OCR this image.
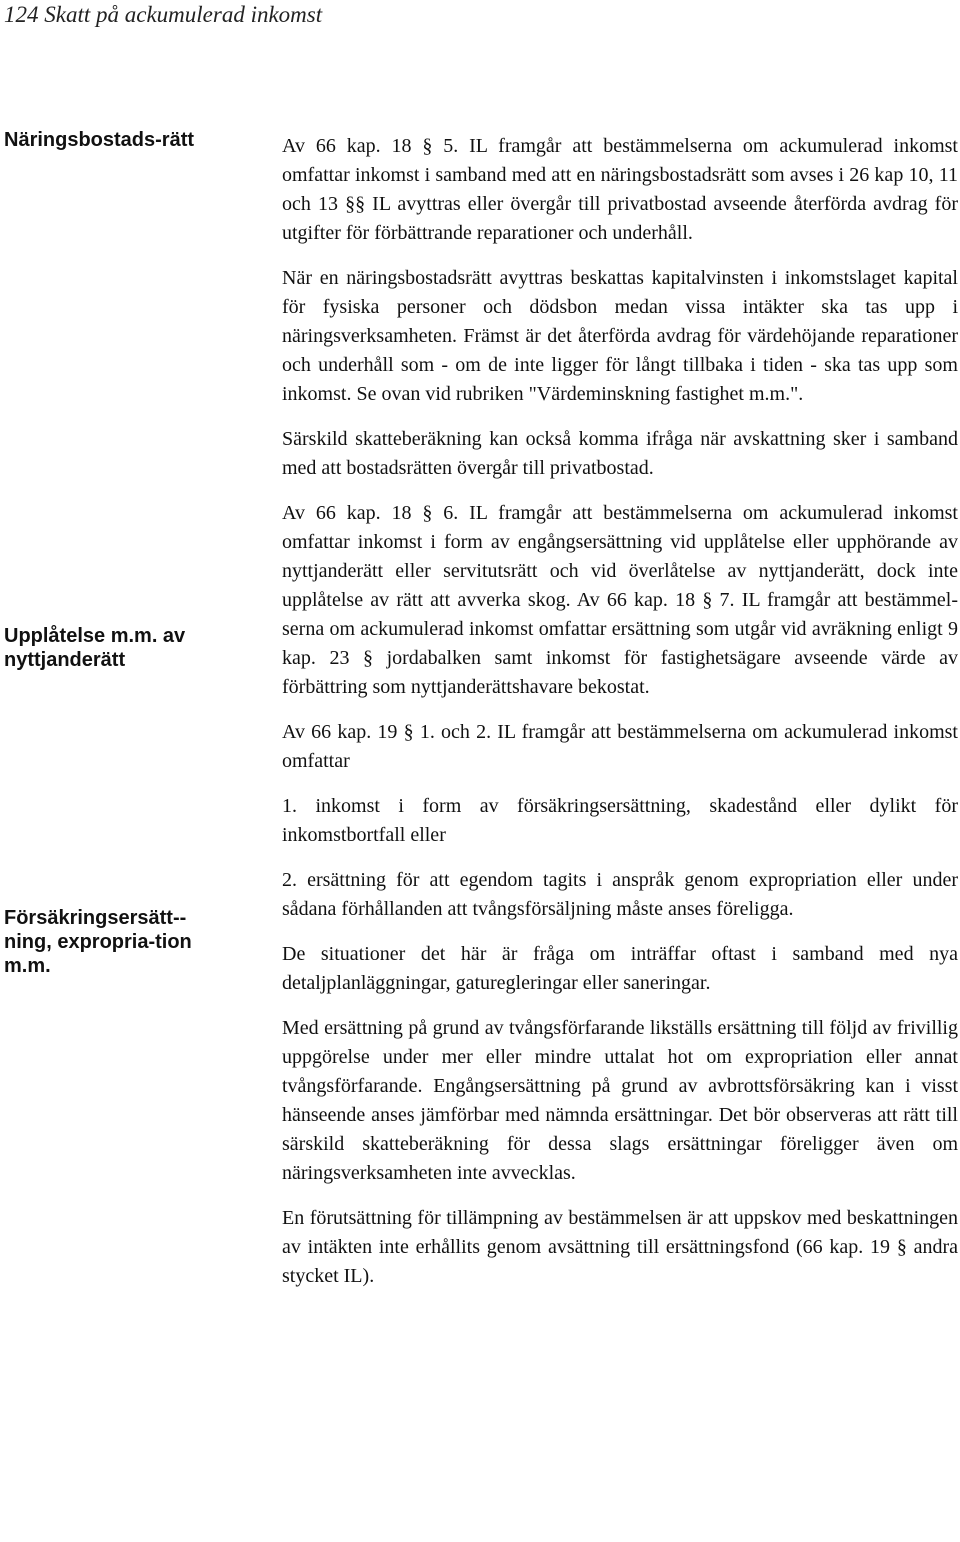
124 Skatt på ackumulerad inkomst
Näringsbostads-rätt
Upplåtelse m.m. av nyttjanderätt
Försäkringsersätt-ning, expropria-tion m.m.

Av 66 kap. 18 § 5. IL framgår att bestämmelserna om ackumulerad inkomst omfattar inkomst i samband med att en näringsbostadsrätt som avses i 26 kap 10, 11 och 13 §§ IL avyttras eller övergår till privatbostad avseende återförda avdrag för utgifter för förbättrande reparationer och underhåll.

När en näringsbostadsrätt avyttras beskattas kapitalvinsten i inkomstslaget kapital för fysiska personer och dödsbon medan vissa intäkter ska tas upp i näringsverksamheten. Främst är det återförda avdrag för värdehöjande reparationer och underhåll som - om de inte ligger för långt tillbaka i tiden - ska tas upp som inkomst. Se ovan vid rubriken "Värdeminskning fastighet m.m.".

Särskild skatteberäkning kan också komma ifråga när avskattning sker i samband med att bostadsrätten övergår till privatbostad.

Av 66 kap. 18 § 6. IL framgår att bestämmelserna om ackumulerad inkomst omfattar inkomst i form av engångsersättning vid upplåtelse eller upphörande av nyttjanderätt eller servitutsrätt och vid överlåtelse av nyttjanderätt, dock inte upplåtelse av rätt att avverka skog. Av 66 kap. 18 § 7. IL framgår att bestämmelserna om ackumulerad inkomst omfattar ersättning som utgår vid avräkning enligt 9 kap. 23 § jordabalken samt inkomst för fastighetsägare avseende värde av förbättring som nyttjanderättshavare bekostat.

Av 66 kap. 19 § 1. och 2. IL framgår att bestämmelserna om ackumulerad inkomst omfattar

1. inkomst i form av försäkringsersättning, skadestånd eller dylikt för inkomstbortfall eller

2. ersättning för att egendom tagits i anspråk genom expropriation eller under sådana förhållanden att tvångsförsäljning måste anses föreligga.

De situationer det här är fråga om inträffar oftast i samband med nya detaljplanläggningar, gaturegleringar eller saneringar.

Med ersättning på grund av tvångsförfarande likställs ersättning till följd av frivillig uppgörelse under mer eller mindre uttalat hot om expropriation eller annat tvångsförfarande. Engångsersättning på grund av avbrottsförsäkring kan i visst hänseende anses jämförbar med nämnda ersättningar. Det bör observeras att rätt till särskild skatteberäkning för dessa slags ersättningar föreligger även om näringsverksamheten inte avvecklas.

En förutsättning för tillämpning av bestämmelsen är att uppskov med beskattningen av intäkten inte erhållits genom avsättning till ersättningsfond (66 kap. 19 § andra stycket IL).
